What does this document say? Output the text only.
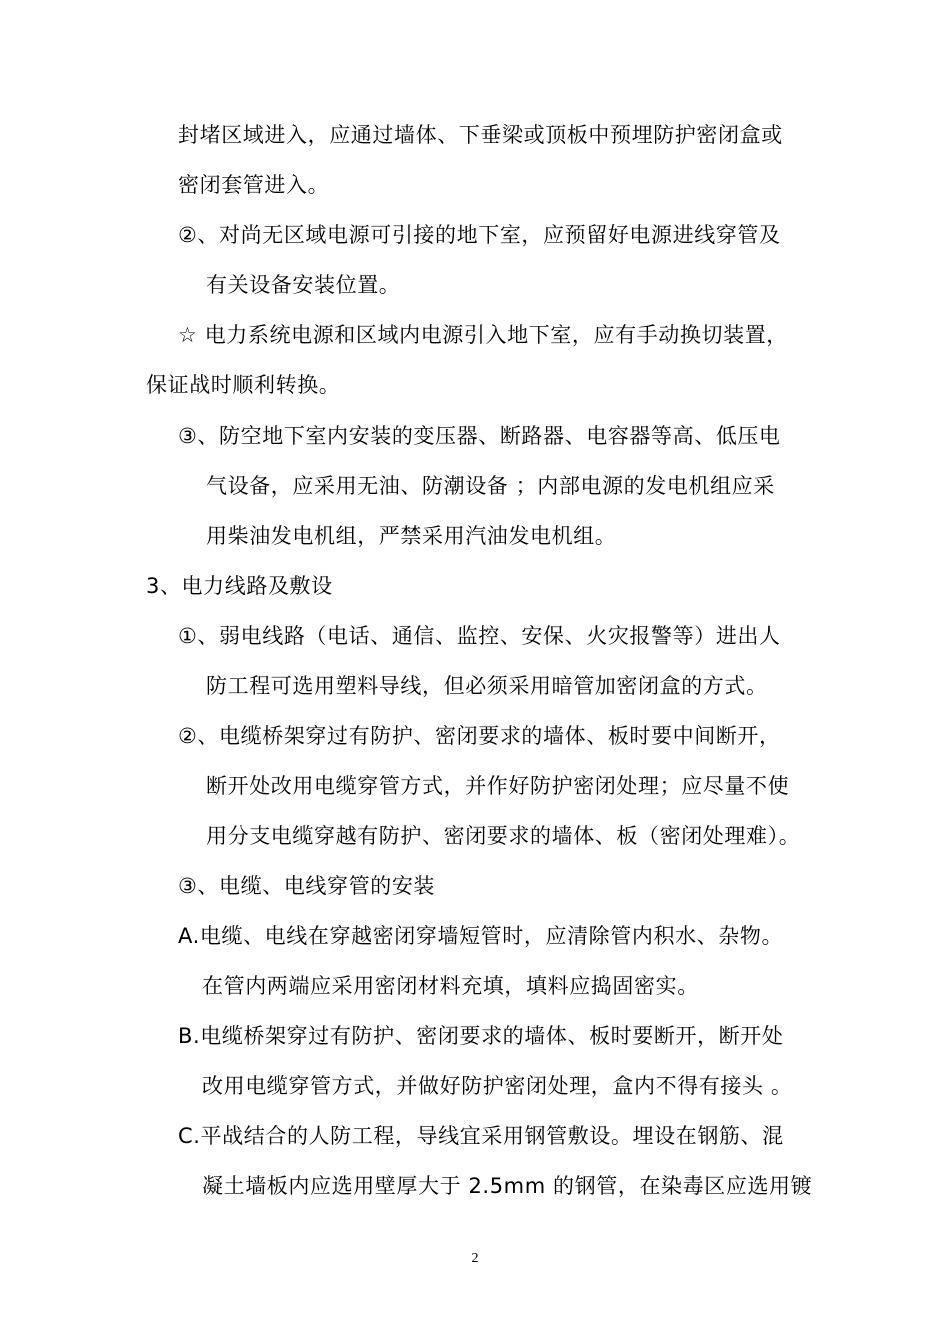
封堵区域进入，应通过墙体、下垂梁或顶板中预埋防护密闭盒或
密闭套管进入。
②、对尚无区域电源可引接的地下室，应预留好电源进线穿管及
有关设备安装位置。
☆ 电力系统电源和区域内电源引入地下室，应有手动换切装置，
保证战时顺利转换。
③、防空地下室内安装的变压器、断路器、电容器等高、低压电
气设备，应采用无油、防潮设备 ；内部电源的发电机组应采
用柴油发电机组，严禁采用汽油发电机组。
3、电力线路及敷设
①、弱电线路（电话、通信、监控、安保、火灾报警等）进出人
防工程可选用塑料导线，但必须采用暗管加密闭盒的方式。
②、电缆桥架穿过有防护、密闭要求的墙体、板时要中间断开，
断开处改用电缆穿管方式，并作好防护密闭处理；应尽量不使
用分支电缆穿越有防护、密闭要求的墙体、板（密闭处理难）。
③、电缆、电线穿管的安装
A.电缆、电线在穿越密闭穿墙短管时，应清除管内积水、杂物。
在管内两端应采用密闭材料充填，填料应捣固密实。
B.电缆桥架穿过有防护、密闭要求的墙体、板时要断开，断开处
改用电缆穿管方式，并做好防护密闭处理，盒内不得有接头 。
C.平战结合的人防工程，导线宜采用钢管敷设。埋设在钢筋、混
凝土墙板内应选用壁厚大于 2.5mm 的钢管，在染毒区应选用镀
2
